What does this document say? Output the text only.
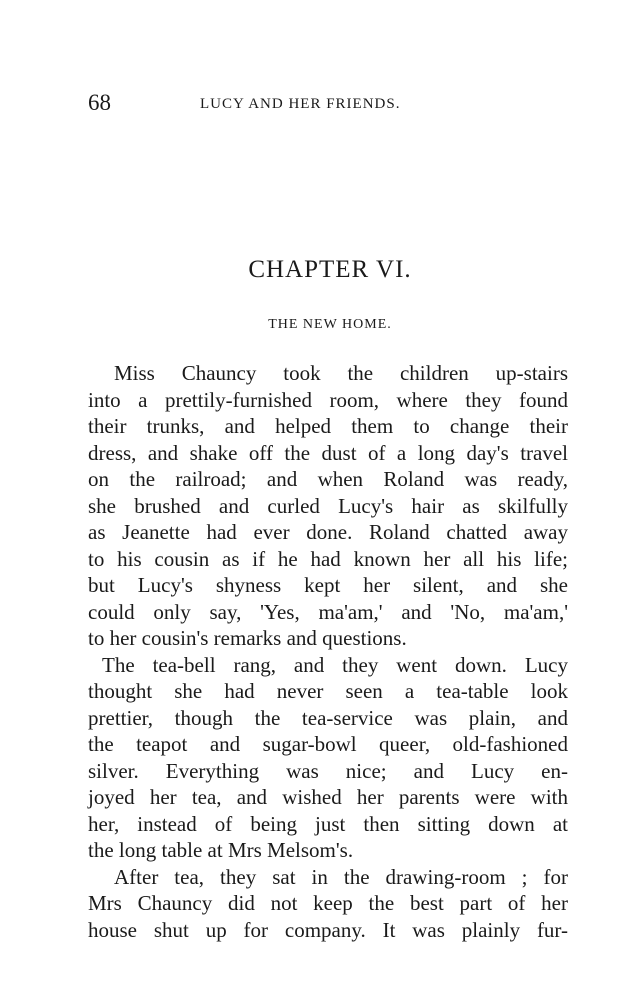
68	LUCY AND HER FRIENDS.
CHAPTER VI.
THE NEW HOME.
Miss Chauncy took the children up-stairs
into a prettily-furnished room, where they found
their trunks, and helped them to change their
dress, and shake off the dust of a long day's travel
on the railroad; and when Roland was ready,
she brushed and curled Lucy's hair as skilfully
as Jeanette had ever done. Roland chatted away
to his cousin as if he had known her all his life;
but Lucy's shyness kept her silent, and she
could only say, 'Yes, ma'am,' and 'No, ma'am,'
to her cousin's remarks and questions.
The tea-bell rang, and they went down. Lucy
thought she had never seen a tea-table look
prettier, though the tea-service was plain, and
the teapot and sugar-bowl queer, old-fashioned
silver. Everything was nice; and Lucy en-
joyed her tea, and wished her parents were with
her, instead of being just then sitting down at
the long table at Mrs Melsom's.
After tea, they sat in the drawing-room ; for
Mrs Chauncy did not keep the best part of her
house shut up for company. It was plainly fur-
